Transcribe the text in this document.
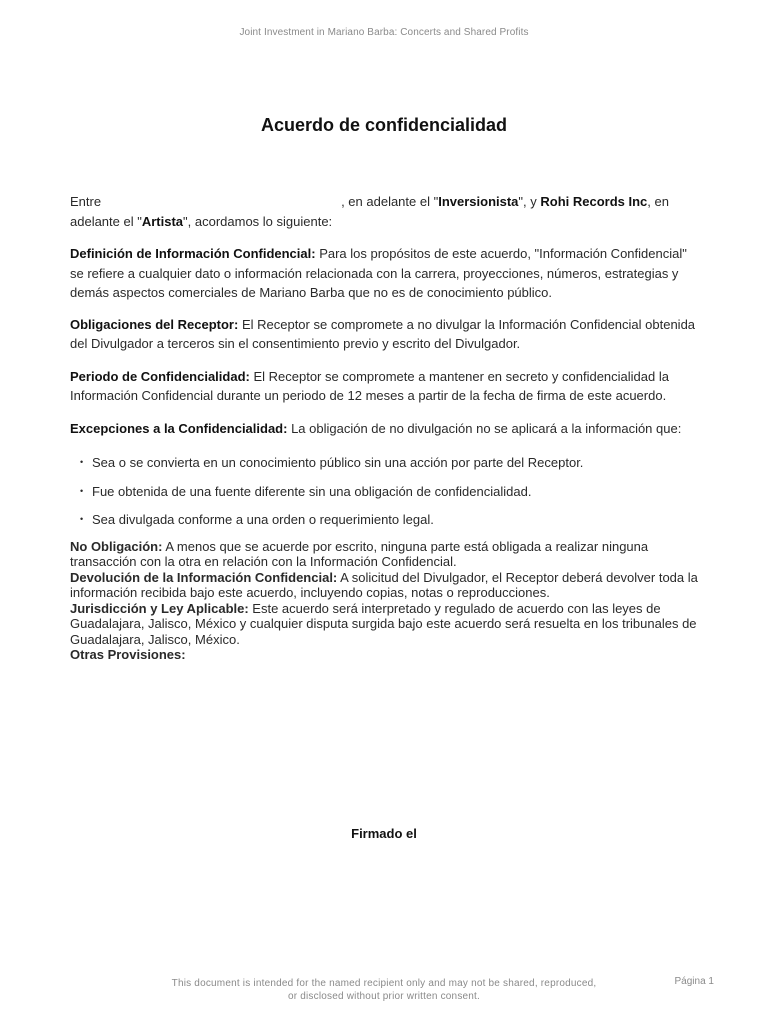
Joint Investment in Mariano Barba: Concerts and Shared Profits
Acuerdo de confidencialidad

Entre	, en adelante el "Inversionista", y Rohi Records Inc, en adelante el "Artista", acordamos lo siguiente:

Definición de Información Confidencial: Para los propósitos de este acuerdo, "Información Confidencial" se refiere a cualquier dato o información relacionada con la carrera, proyecciones, números, estrategias y demás aspectos comerciales de Mariano Barba que no es de conocimiento público.

Obligaciones del Receptor: El Receptor se compromete a no divulgar la Información Confidencial obtenida del Divulgador a terceros sin el consentimiento previo y escrito del Divulgador.

Periodo de Confidencialidad: El Receptor se compromete a mantener en secreto y confidencialidad la Información Confidencial durante un periodo de 12 meses a partir de la fecha de firma de este acuerdo.

Excepciones a la Confidencialidad: La obligación de no divulgación no se aplicará a la información que:

• Sea o se convierta en un conocimiento público sin una acción por parte del Receptor.
• Fue obtenida de una fuente diferente sin una obligación de confidencialidad.
• Sea divulgada conforme a una orden o requerimiento legal.

No Obligación: A menos que se acuerde por escrito, ninguna parte está obligada a realizar ninguna transacción con la otra en relación con la Información Confidencial.

Devolución de la Información Confidencial: A solicitud del Divulgador, el Receptor deberá devolver toda la información recibida bajo este acuerdo, incluyendo copias, notas o reproducciones.

Jurisdicción y Ley Aplicable: Este acuerdo será interpretado y regulado de acuerdo con las leyes de Guadalajara, Jalisco, México y cualquier disputa surgida bajo este acuerdo será resuelta en los tribunales de Guadalajara, Jalisco, México.

Otras Provisiones:

Firmado el
This document is intended for the named recipient only and may not be shared, reproduced,
or disclosed without prior written consent.
Página 1
